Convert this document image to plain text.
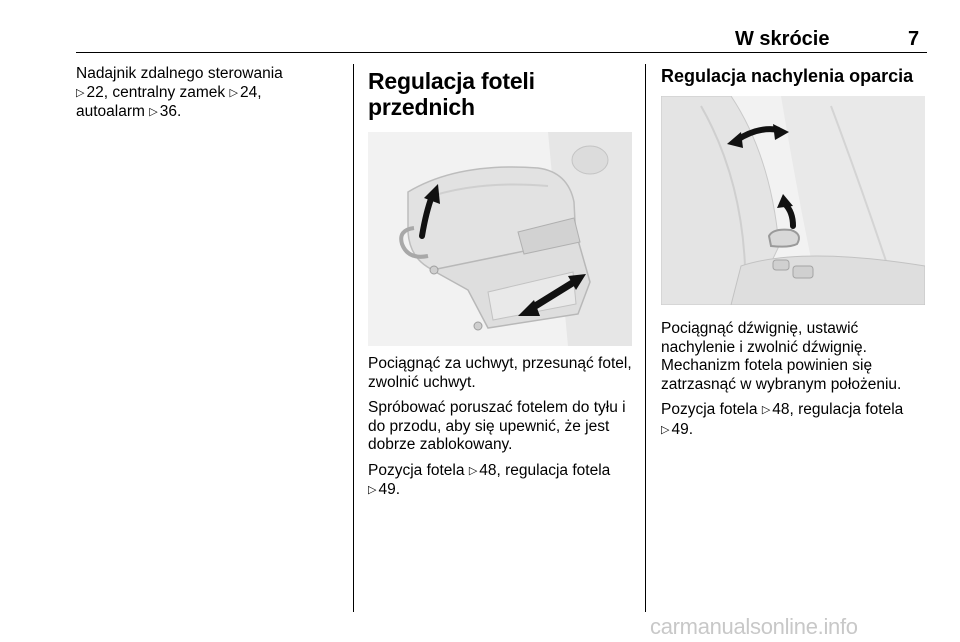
W skrócie	7
Nadajnik zdalnego sterowania
▷ 22, centralny zamek ▷ 24,
autoalarm ▷ 36.
Regulacja foteli przednich

Pociągnąć za uchwyt, przesunąć fotel, zwolnić uchwyt.

Spróbować poruszać fotelem do tyłu i do przodu, aby się upewnić, że jest dobrze zablokowany.

Pozycja fotela ▷ 48, regulacja fotela
▷ 49.

Regulacja nachylenia oparcia

Pociągnąć dźwignię, ustawić nachylenie i zwolnić dźwignię. Mechanizm fotela powinien się zatrzasnąć w wybranym położeniu.

Pozycja fotela ▷ 48, regulacja fotela
▷ 49.

carmanualsonline.info
